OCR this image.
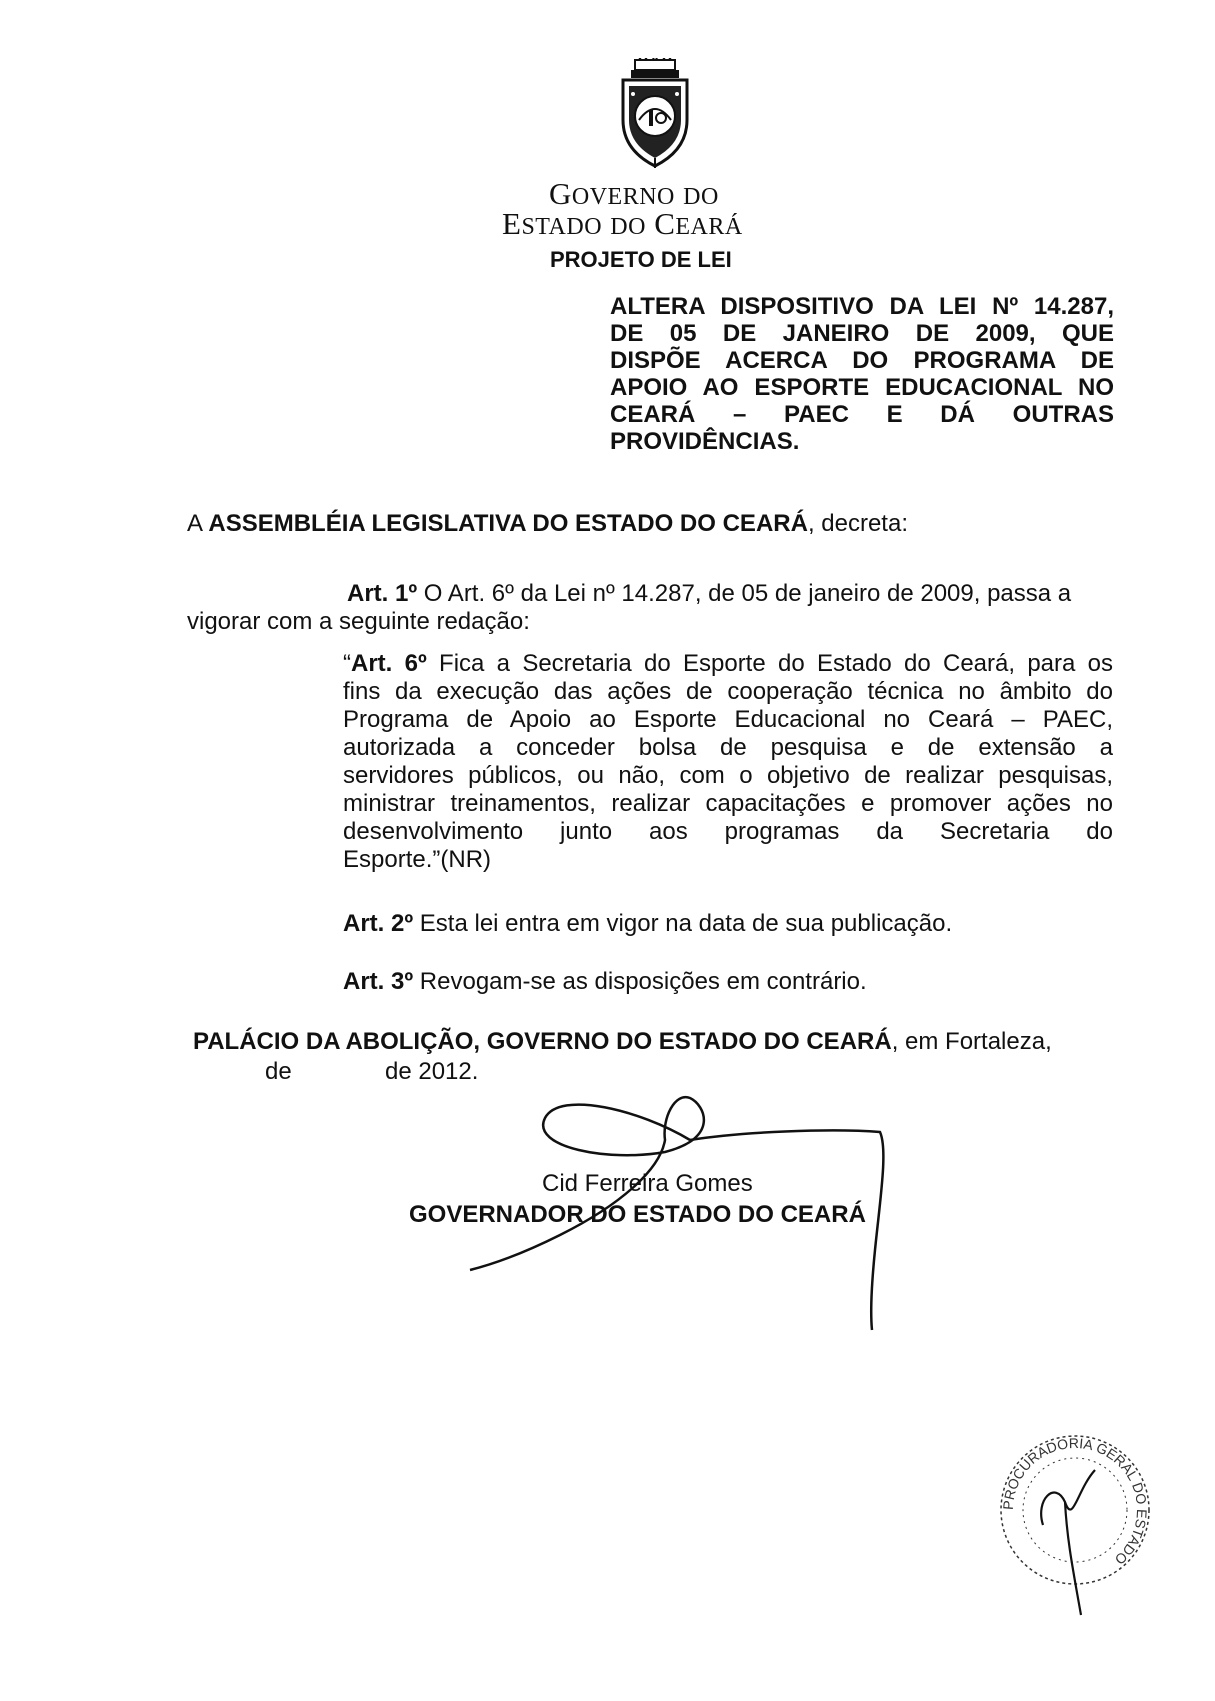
GOVERNO DO
ESTADO DO CEARÁ
PROJETO DE LEI
ALTERA DISPOSITIVO DA LEI Nº 14.287,
DE 05 DE JANEIRO DE 2009, QUE
DISPÕE ACERCA DO PROGRAMA DE
APOIO AO ESPORTE EDUCACIONAL NO
CEARÁ – PAEC E DÁ OUTRAS
PROVIDÊNCIAS.
A ASSEMBLÉIA LEGISLATIVA DO ESTADO DO CEARÁ, decreta:
Art. 1º O Art. 6º da Lei nº 14.287, de 05 de janeiro de 2009, passa a
vigorar com a seguinte redação:
“Art. 6º Fica a Secretaria do Esporte do Estado do Ceará, para os
fins da execução das ações de cooperação técnica no âmbito do
Programa de Apoio ao Esporte Educacional no Ceará – PAEC,
autorizada a conceder bolsa de pesquisa e de extensão a
servidores públicos, ou não, com o objetivo de realizar pesquisas,
ministrar treinamentos, realizar capacitações e promover ações no
desenvolvimento junto aos programas da Secretaria do
Esporte.”(NR)
Art. 2º Esta lei entra em vigor na data de sua publicação.
Art. 3º Revogam-se as disposições em contrário.
PALÁCIO DA ABOLIÇÃO, GOVERNO DO ESTADO DO CEARÁ, em Fortaleza,
de	de 2012.
Cid Ferreira Gomes
GOVERNADOR DO ESTADO DO CEARÁ
PROCURADORIA GERAL DO ESTADO
